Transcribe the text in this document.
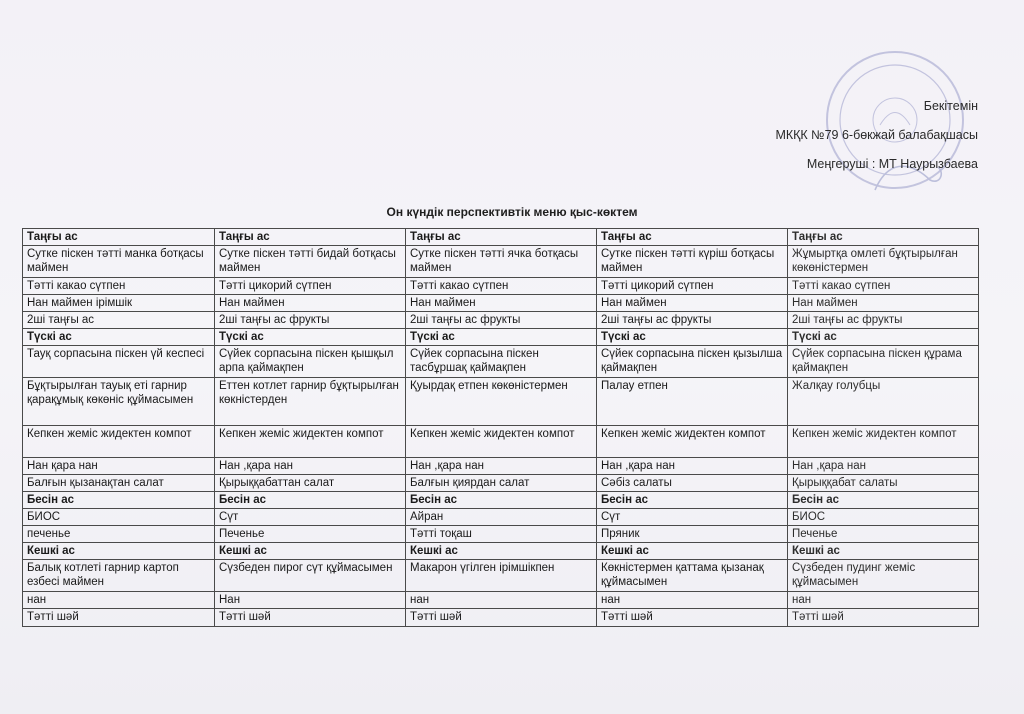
Бекітемін
МКҚК №79 6-бөкжай балабақшасы
Меңгеруші : МТ Наурызбаева
Он күндік перспективтік меню қыс-көктем
Таңғы ас	Таңғы ас	Таңғы ас	Таңғы ас	Таңғы ас
Сутке піскен тәтті манка ботқасы маймен	Сутке піскен тәтті бидай ботқасы маймен	Сутке піскен тәтті ячка ботқасы маймен	Сутке піскен тәтті күріш ботқасы маймен	Жұмыртқа омлеті бұқтырылған көкөністермен
Тәтті какао сүтпен	Тәтті цикорий сүтпен	Тәтті какао сүтпен	Тәтті цикорий сүтпен	Тәтті какао сүтпен
Нан маймен ірімшік	Нан маймен	Нан маймен	Нан маймен	Нан маймен
2ші таңғы ас	2ші таңғы ас фрукты	2ші таңғы ас фрукты	2ші таңғы ас фрукты	2ші таңғы ас фрукты
Түскі ас	Түскі ас	Түскі ас	Түскі ас	Түскі ас
Тауқ сорпасына піскен үй кеспесі	Сүйек сорпасына піскен қышқыл арпа қаймақпен	Сүйек сорпасына піскен тасбұршақ қаймақпен	Сүйек сорпасына піскен қызылша қаймақпен	Сүйек сорпасына піскен құрама қаймақпен
Бұқтырылған тауық еті гарнир қарақұмық көкөніс құймасымен	Еттен котлет гарнир бұқтырылған көкністерден	Қуырдақ етпен көкөністермен	Палау етпен	Жалқау голубцы
Кепкен жеміс жидектен компот	Кепкен жеміс жидектен компот	Кепкен жеміс жидектен компот	Кепкен жеміс жидектен компот	Кепкен жеміс жидектен компот
Нан қара нан	Нан ,қара нан	Нан ,қара нан	Нан ,қара нан	Нан ,қара нан
Балғын қызанақтан салат	Қырыққабаттан салат	Балғын қиярдан салат	Сәбіз салаты	Қырыққабат салаты
Бесін ас	Бесін ас	Бесін ас	Бесін ас	Бесін ас
БИОС	Сүт	Айран	Сүт	БИОС
печенье	Печенье	Тәтті тоқаш	Пряник	Печенье
Кешкі ас	Кешкі ас	Кешкі ас	Кешкі ас	Кешкі ас
Балық котлеті гарнир картоп езбесі маймен	Сүзбеден пирог сүт құймасымен	Макарон үгілген ірімшікпен	Көкністермен қаттама қызанақ құймасымен	Сүзбеден пудинг жеміс құймасымен
нан	Нан	нан	нан	нан
Тәтті шәй	Тәтті шәй	Тәтті шәй	Тәтті шәй	Тәтті шәй
